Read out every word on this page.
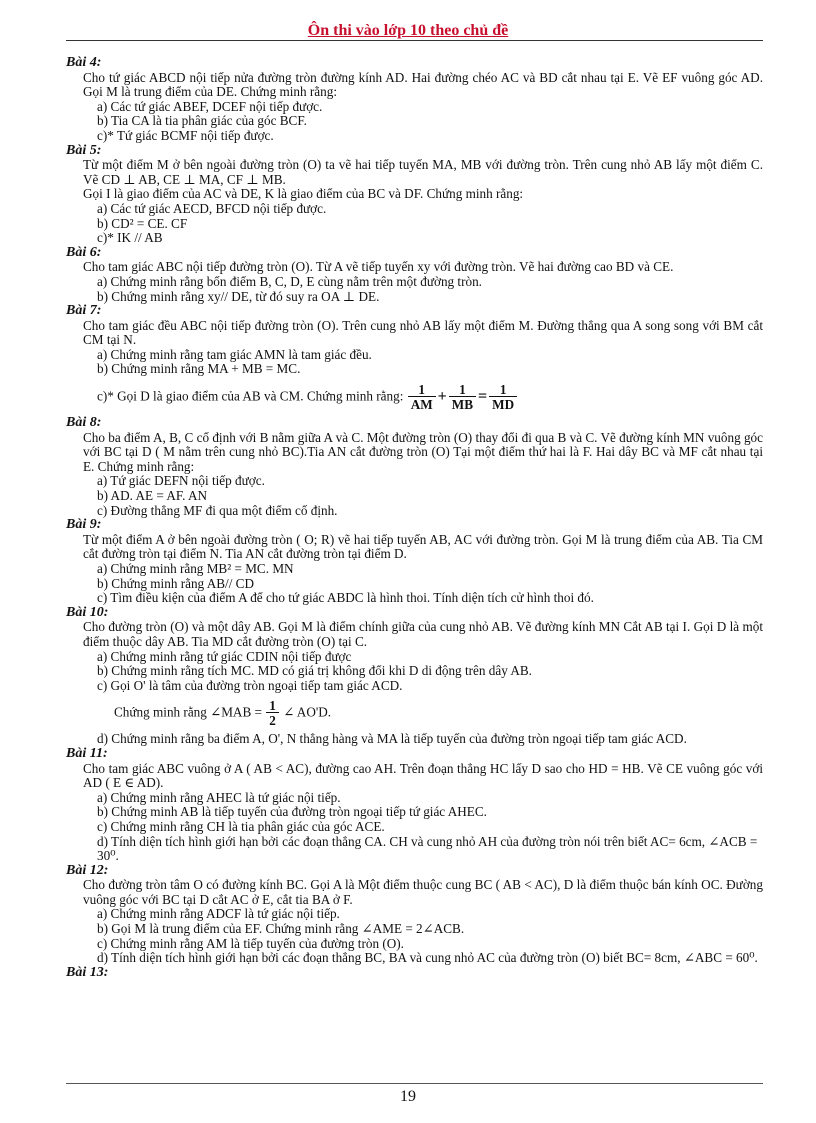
Ôn thi vào lớp 10 theo chủ đề
Bài 4:
Cho tứ giác ABCD nội tiếp nửa đường tròn đường kính AD. Hai đường chéo AC và BD cắt nhau tại E. Vẽ EF vuông góc AD. Gọi M là trung điểm của DE. Chứng minh rằng:
a) Các tứ giác ABEF, DCEF nội tiếp được.
b) Tia CA là tia phân giác của góc BCF.
c)* Tứ giác BCMF nội tiếp được.
Bài 5:
Từ một điểm M ở bên ngoài đường tròn (O) ta vẽ hai tiếp tuyến MA, MB với đường tròn. Trên cung nhỏ AB lấy một điểm C. Vẽ CD ⊥ AB, CE ⊥ MA, CF ⊥ MB.
Gọi I là giao điểm của AC và DE, K là giao điểm của BC và DF. Chứng minh rằng:
a) Các tứ giác AECD, BFCD nội tiếp được.
b) CD² = CE. CF
c)* IK // AB
Bài 6:
Cho tam giác ABC nội tiếp đường tròn (O). Từ A vẽ tiếp tuyến xy với đường tròn. Vẽ hai đường cao BD và CE.
a) Chứng minh rằng bốn điểm B, C, D, E cùng nằm trên một đường tròn.
b) Chứng minh rằng xy// DE, từ đó suy ra OA ⊥ DE.
Bài 7:
Cho tam giác đều ABC nội tiếp đường tròn (O). Trên cung nhỏ AB lấy một điểm M. Đường thẳng qua A song song với BM cắt CM tại N.
a) Chứng minh rằng tam giác AMN là tam giác đều.
b) Chứng minh rằng MA + MB = MC.
c)* Gọi D là giao điểm của AB và CM. Chứng minh rằng: $\frac{1}{AM} + \frac{1}{MB} = \frac{1}{MD}$
Bài 8:
Cho ba điểm A, B, C cố định với B nằm giữa A và C. Một đường tròn (O) thay đổi đi qua B và C. Vẽ đường kính MN vuông góc với BC tại D ( M nằm trên cung nhỏ BC).Tia AN cắt đường tròn (O) Tại một điểm thứ hai là F. Hai dây BC và MF cắt nhau tại E. Chứng minh rằng:
a) Tứ giác DEFN nội tiếp được.
b) AD. AE = AF. AN
c) Đường thẳng MF đi qua một điểm cố định.
Bài 9:
Từ một điểm A ở bên ngoài đường tròn ( O; R) vẽ hai tiếp tuyến AB, AC với đường tròn. Gọi M là trung điểm của AB. Tia CM cắt đường tròn tại điểm N. Tia AN cắt đường tròn tại điểm D.
a) Chứng minh rằng MB² = MC. MN
b) Chứng minh rằng AB// CD
c) Tìm điều kiện của điểm A để cho tứ giác ABDC là hình thoi. Tính diện tích cử hình thoi đó.
Bài 10:
Cho đường tròn (O) và một dây AB. Gọi M là điểm chính giữa của cung nhỏ AB. Vẽ đường kính MN Cắt AB tại I. Gọi D là một điểm thuộc dây AB. Tia MD cắt đường tròn (O) tại C.
a) Chứng minh rằng tứ giác CDIN nội tiếp được
b) Chứng minh rằng tích MC. MD có giá trị không đổi khi D di động trên dây AB.
c) Gọi O' là tâm của đường tròn ngoại tiếp tam giác ACD.
Chứng minh rằng ∠MAB = $\frac{1}{2}$ ∠ AO'D.
d) Chứng minh rằng ba điểm A, O', N thẳng hàng và MA là tiếp tuyến của đường tròn ngoại tiếp tam giác ACD.
Bài 11:
Cho tam giác ABC vuông ở A ( AB < AC), đường cao AH. Trên đoạn thẳng HC lấy D sao cho HD = HB. Vẽ CE vuông góc với AD ( E ∈ AD).
a) Chứng minh rằng AHEC là tứ giác nội tiếp.
b) Chứng minh AB là tiếp tuyến của đường tròn ngoại tiếp tứ giác AHEC.
c) Chứng minh rằng CH là tia phân giác của góc ACE.
d) Tính diện tích hình giới hạn bởi các đoạn thẳng CA. CH và cung nhỏ AH của đường tròn nói trên biết AC= 6cm, ∠ACB = 30⁰.
Bài 12:
Cho đường tròn tâm O có đường kính BC. Gọi A là Một điểm thuộc cung BC ( AB < AC), D là điểm thuộc bán kính OC. Đường vuông góc với BC tại D cắt AC ở E, cắt tia BA ở F.
a) Chứng minh rằng ADCF là tứ giác nội tiếp.
b) Gọi M là trung điểm của EF. Chứng minh rằng ∠AME = 2∠ACB.
c) Chứng minh rằng AM là tiếp tuyến của đường tròn (O).
d) Tính diện tích hình giới hạn bởi các đoạn thẳng BC, BA và cung nhỏ AC của đường tròn (O) biết BC= 8cm, ∠ABC = 60⁰.
Bài 13:
19
